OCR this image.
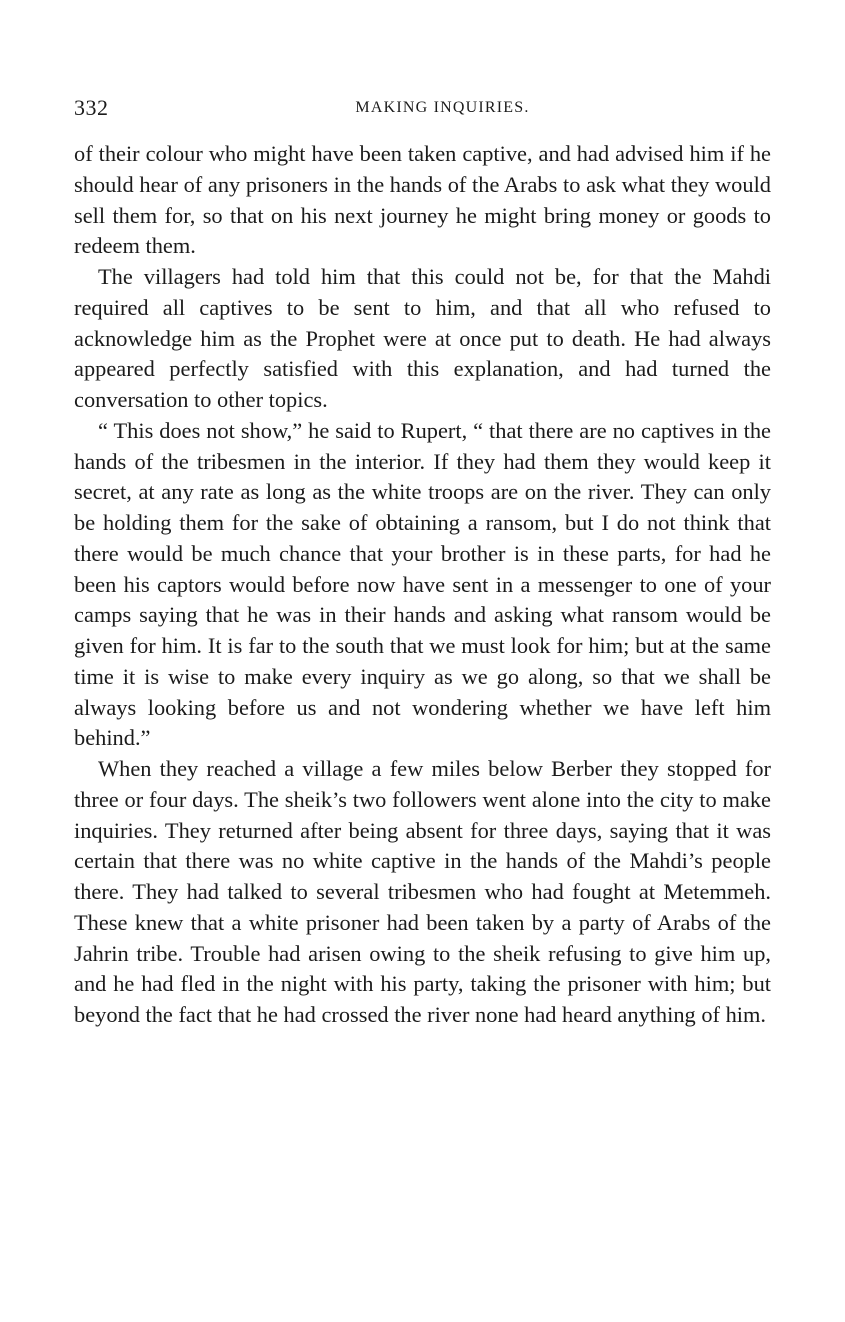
332	MAKING INQUIRIES.

of their colour who might have been taken captive, and had advised him if he should hear of any prisoners in the hands of the Arabs to ask what they would sell them for, so that on his next journey he might bring money or goods to redeem them.

The villagers had told him that this could not be, for that the Mahdi required all captives to be sent to him, and that all who refused to acknowledge him as the Prophet were at once put to death. He had always appeared perfectly satisfied with this explanation, and had turned the conversation to other topics.

“ This does not show,” he said to Rupert, “ that there are no captives in the hands of the tribesmen in the interior. If they had them they would keep it secret, at any rate as long as the white troops are on the river. They can only be holding them for the sake of obtaining a ransom, but I do not think that there would be much chance that your brother is in these parts, for had he been his captors would before now have sent in a messenger to one of your camps saying that he was in their hands and asking what ransom would be given for him. It is far to the south that we must look for him; but at the same time it is wise to make every inquiry as we go along, so that we shall be always looking before us and not wondering whether we have left him behind.”

When they reached a village a few miles below Berber they stopped for three or four days. The sheik’s two followers went alone into the city to make inquiries. They returned after being absent for three days, saying that it was certain that there was no white captive in the hands of the Mahdi’s people there. They had talked to several tribesmen who had fought at Metemmeh. These knew that a white prisoner had been taken by a party of Arabs of the Jahrin tribe. Trouble had arisen owing to the sheik refusing to give him up, and he had fled in the night with his party, taking the prisoner with him; but beyond the fact that he had crossed the river none had heard anything of him.
